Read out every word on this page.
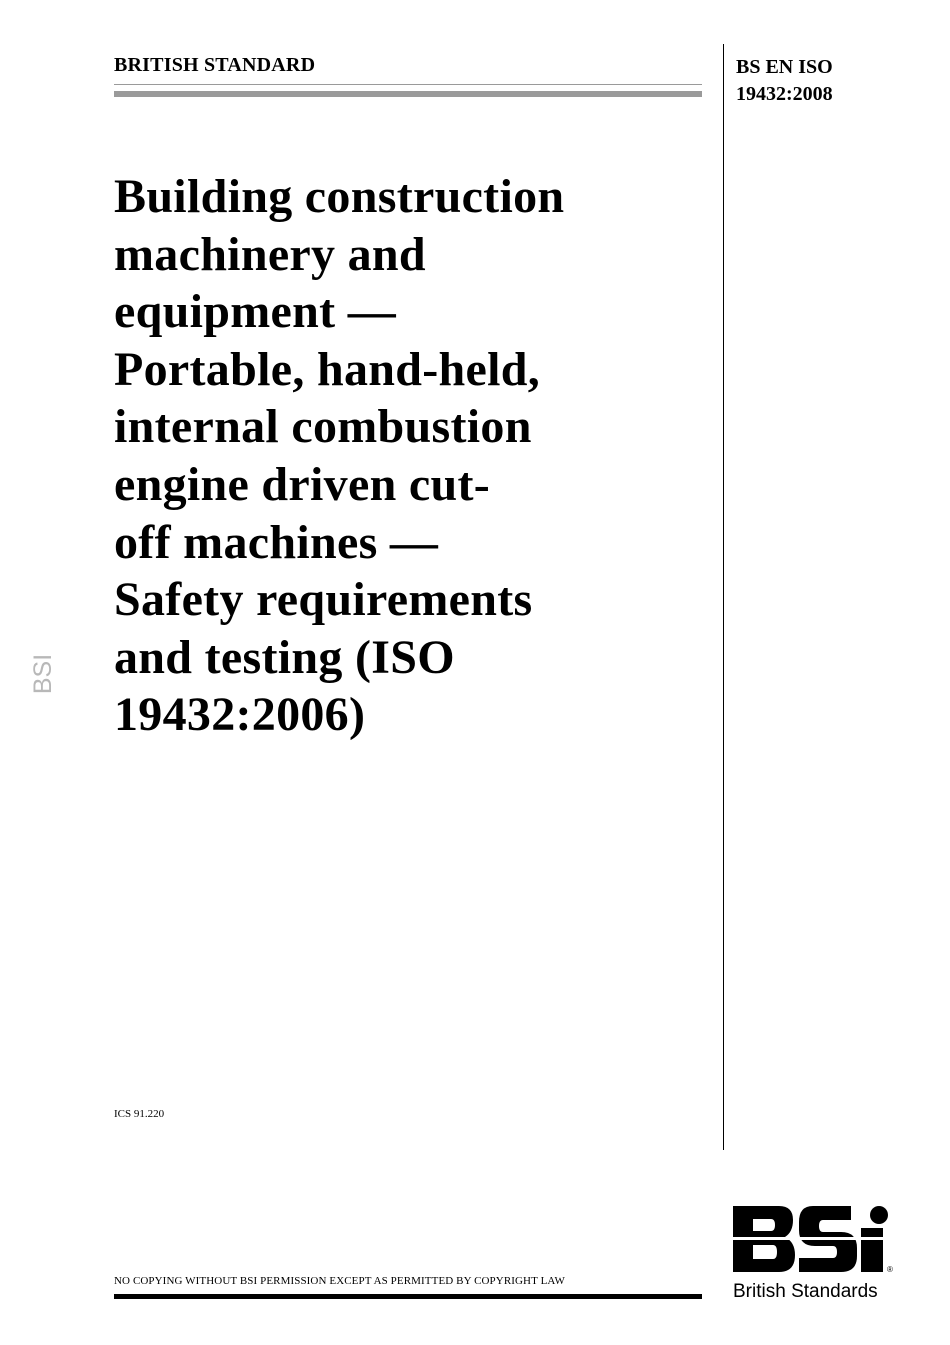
BSI
BRITISH STANDARD	BS EN ISO
19432:2008
Building construction
machinery and
equipment —
Portable, hand-held,
internal combustion
engine driven cut-
off machines —
Safety requirements
and testing (ISO
19432:2006)
ICS 91.220
NO COPYING WITHOUT BSI PERMISSION EXCEPT AS PERMITTED BY COPYRIGHT LAW
®
British Standards
